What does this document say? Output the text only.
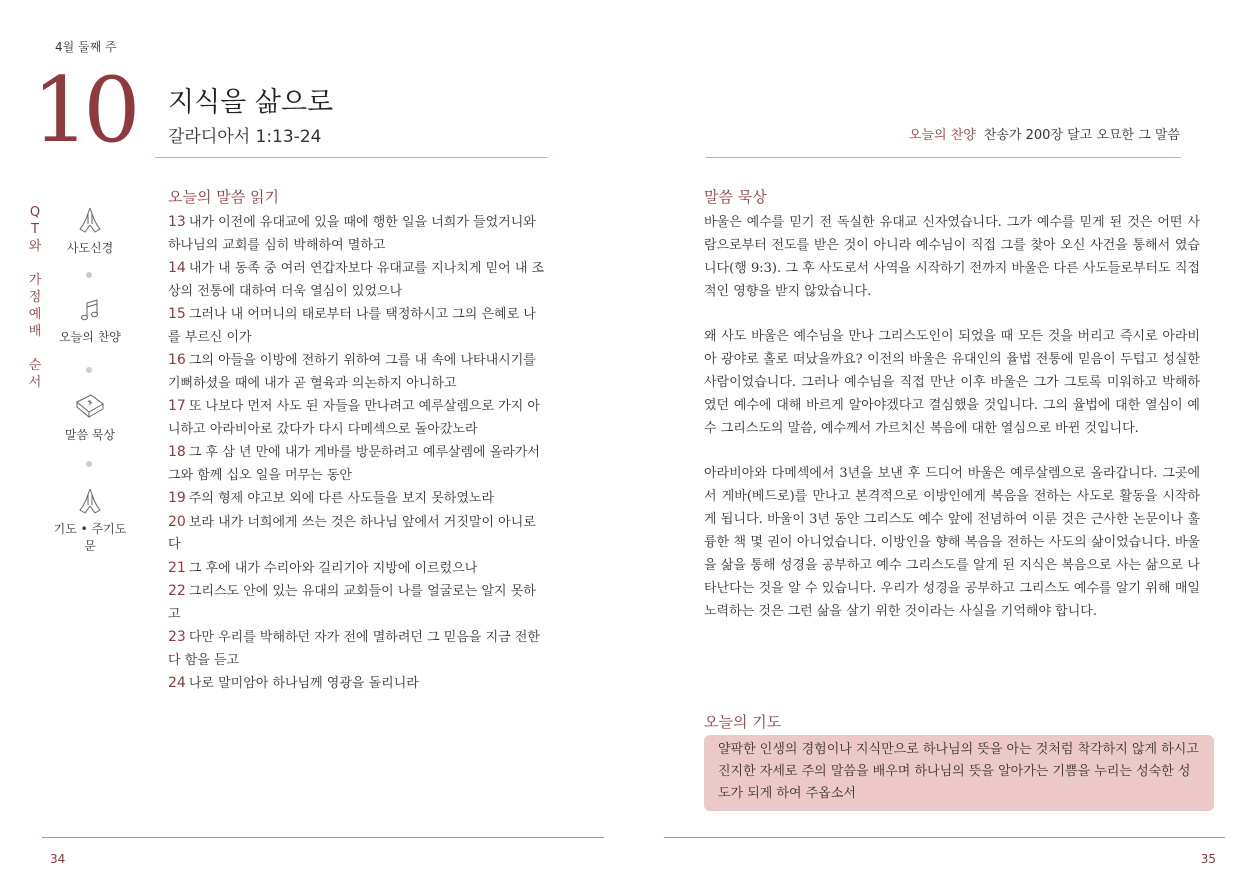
4월 둘째 주
10 지식을 삶으로
갈라디아서 1:13-24	오늘의 찬양 찬송가 200장 달고 오묘한 그 말씀
Q
T
와
가
정
예
배
순
서
사도신경
오늘의 찬양
말씀 묵상
기도 • 주기도문
오늘의 말씀 읽기
13 내가 이전에 유대교에 있을 때에 행한 일을 너희가 들었거니와 하나님의 교회를 심히 박해하여 멸하고
14 내가 내 동족 중 여러 연갑자보다 유대교를 지나치게 믿어 내 조상의 전통에 대하여 더욱 열심이 있었으나
15 그러나 내 어머니의 태로부터 나를 택정하시고 그의 은혜로 나를 부르신 이가
16 그의 아들을 이방에 전하기 위하여 그를 내 속에 나타내시기를 기뻐하셨을 때에 내가 곧 혈육과 의논하지 아니하고
17 또 나보다 먼저 사도 된 자들을 만나려고 예루살렘으로 가지 아니하고 아라비아로 갔다가 다시 다메섹으로 돌아갔노라
18 그 후 삼 년 만에 내가 게바를 방문하려고 예루살렘에 올라가서 그와 함께 십오 일을 머무는 동안
19 주의 형제 야고보 외에 다른 사도들을 보지 못하였노라
20 보라 내가 너희에게 쓰는 것은 하나님 앞에서 거짓말이 아니로다
21 그 후에 내가 수리아와 길리기아 지방에 이르렀으나
22 그리스도 안에 있는 유대의 교회들이 나를 얼굴로는 알지 못하고
23 다만 우리를 박해하던 자가 전에 멸하려던 그 믿음을 지금 전한다 함을 듣고
24 나로 말미암아 하나님께 영광을 돌리니라
말씀 묵상

바울은 예수를 믿기 전 독실한 유대교 신자였습니다. 그가 예수를 믿게 된 것은 어떤 사람으로부터 전도를 받은 것이 아니라 예수님이 직접 그를 찾아 오신 사건을 통해서 였습니다(행 9:3). 그 후 사도로서 사역을 시작하기 전까지 바울은 다른 사도들로부터도 직접적인 영향을 받지 않았습니다.

왜 사도 바울은 예수님을 만나 그리스도인이 되었을 때 모든 것을 버리고 즉시로 아라비아 광야로 홀로 떠났을까요? 이전의 바울은 유대인의 율법 전통에 믿음이 두텁고 성실한 사람이었습니다. 그러나 예수님을 직접 만난 이후 바울은 그가 그토록 미워하고 박해하였던 예수에 대해 바르게 알아야겠다고 결심했을 것입니다. 그의 율법에 대한 열심이 예수 그리스도의 말씀, 예수께서 가르치신 복음에 대한 열심으로 바뀐 것입니다.

아라비아와 다메섹에서 3년을 보낸 후 드디어 바울은 예루살렘으로 올라갑니다. 그곳에서 게바(베드로)를 만나고 본격적으로 이방인에게 복음을 전하는 사도로 활동을 시작하게 됩니다. 바울이 3년 동안 그리스도 예수 앞에 전념하여 이룬 것은 근사한 논문이나 훌륭한 책 몇 권이 아니었습니다. 이방인을 향해 복음을 전하는 사도의 삶이었습니다. 바울을 삶을 통해 성경을 공부하고 예수 그리스도를 알게 된 지식은 복음으로 사는 삶으로 나타난다는 것을 알 수 있습니다. 우리가 성경을 공부하고 그리스도 예수를 알기 위해 매일 노력하는 것은 그런 삶을 살기 위한 것이라는 사실을 기억해야 합니다.

오늘의 기도
얄팍한 인생의 경험이나 지식만으로 하나님의 뜻을 아는 것처럼 착각하지 않게 하시고 진지한 자세로 주의 말씀을 배우며 하나님의 뜻을 알아가는 기쁨을 누리는 성숙한 성도가 되게 하여 주옵소서
34	35
